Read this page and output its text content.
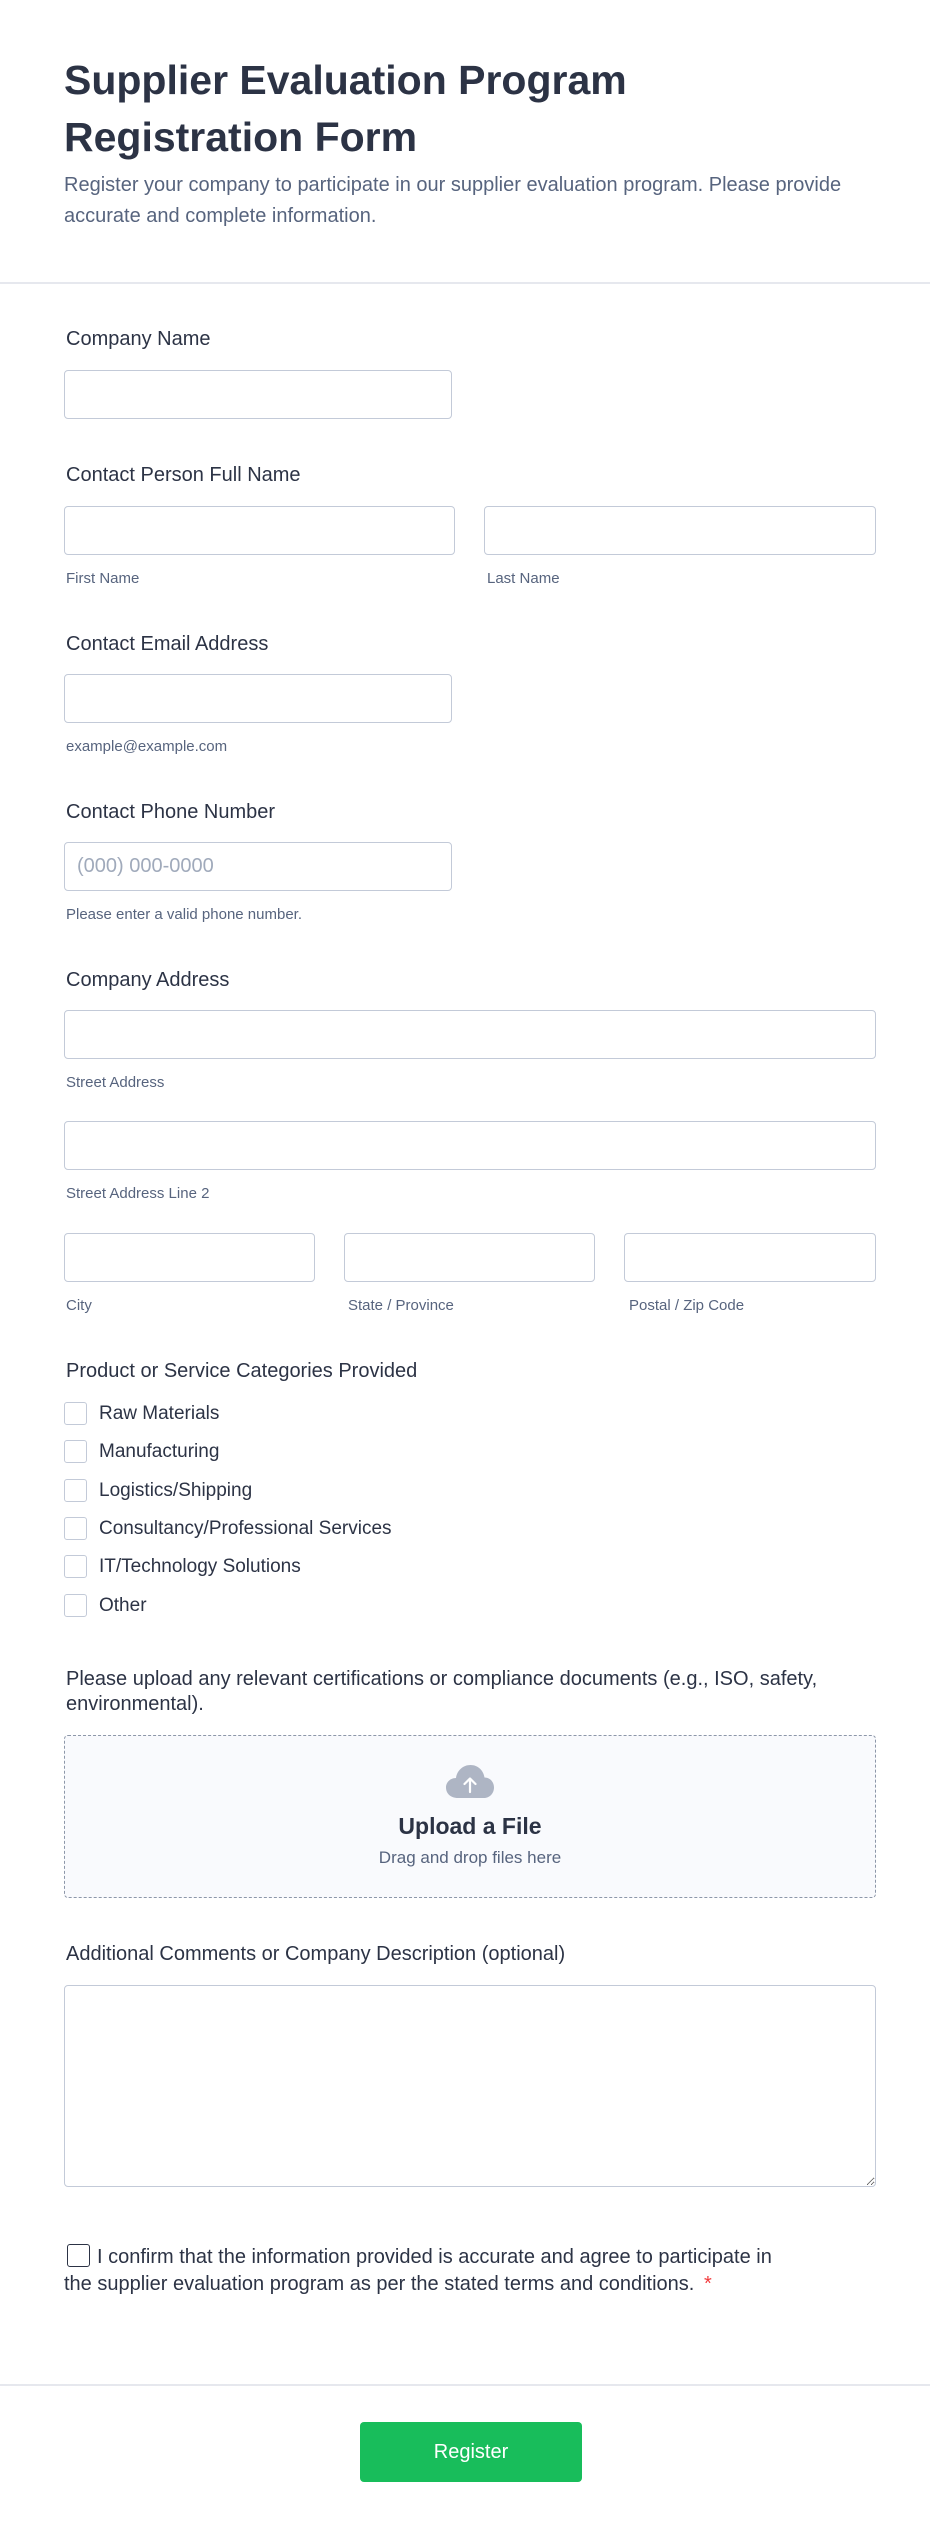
Supplier Evaluation Program Registration Form
Register your company to participate in our supplier evaluation program. Please provide accurate and complete information.
Company Name
Contact Person Full Name
First Name	Last Name
Contact Email Address
example@example.com
Contact Phone Number
(000) 000-0000
Please enter a valid phone number.
Company Address
Street Address
Street Address Line 2
City	State / Province	Postal / Zip Code
Product or Service Categories Provided
Raw Materials
Manufacturing
Logistics/Shipping
Consultancy/Professional Services
IT/Technology Solutions
Other
Please upload any relevant certifications or compliance documents (e.g., ISO, safety, environmental).
Upload a File
Drag and drop files here
Additional Comments or Company Description (optional)
I confirm that the information provided is accurate and agree to participate in the supplier evaluation program as per the stated terms and conditions. *
Register
